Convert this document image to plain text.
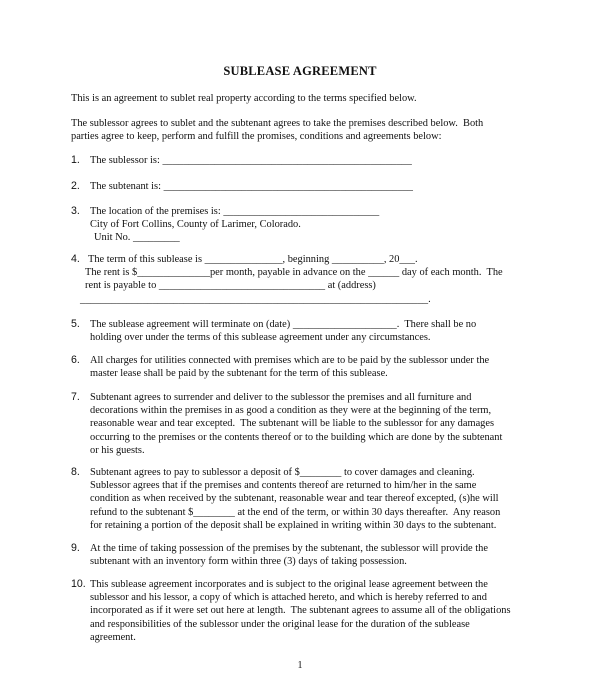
SUBLEASE AGREEMENT
This is an agreement to sublet real property according to the terms specified below.
The sublessor agrees to sublet and the subtenant agrees to take the premises described below.  Both
parties agree to keep, perform and fulfill the promises, conditions and agreements below:
1. The sublessor is: ________________________________________________
2. The subtenant is: ________________________________________________
3. The location of the premises is: ______________________________
City of Fort Collins, County of Larimer, Colorado.
Unit No. _________
4. The term of this sublease is _______________, beginning __________, 20___.
The rent is $______________per month, payable in advance on the ______ day of each month.  The
rent is payable to ________________________________ at (address)
___________________________________________________________________.
5. The sublease agreement will terminate on (date) ____________________.  There shall be no
holding over under the terms of this sublease agreement under any circumstances.
6. All charges for utilities connected with premises which are to be paid by the sublessor under the
master lease shall be paid by the subtenant for the term of this sublease.
7. Subtenant agrees to surrender and deliver to the sublessor the premises and all furniture and
decorations within the premises in as good a condition as they were at the beginning of the term,
reasonable wear and tear excepted.  The subtenant will be liable to the sublessor for any damages
occurring to the premises or the contents thereof or to the building which are done by the subtenant
or his guests.
8. Subtenant agrees to pay to sublessor a deposit of $________ to cover damages and cleaning.
Sublessor agrees that if the premises and contents thereof are returned to him/her in the same
condition as when received by the subtenant, reasonable wear and tear thereof excepted, (s)he will
refund to the subtenant $________ at the end of the term, or within 30 days thereafter.  Any reason
for retaining a portion of the deposit shall be explained in writing within 30 days to the subtenant.
9. At the time of taking possession of the premises by the subtenant, the sublessor will provide the
subtenant with an inventory form within three (3) days of taking possession.
10. This sublease agreement incorporates and is subject to the original lease agreement between the
sublessor and his lessor, a copy of which is attached hereto, and which is hereby referred to and
incorporated as if it were set out here at length.  The subtenant agrees to assume all of the obligations
and responsibilities of the sublessor under the original lease for the duration of the sublease
agreement.
1
